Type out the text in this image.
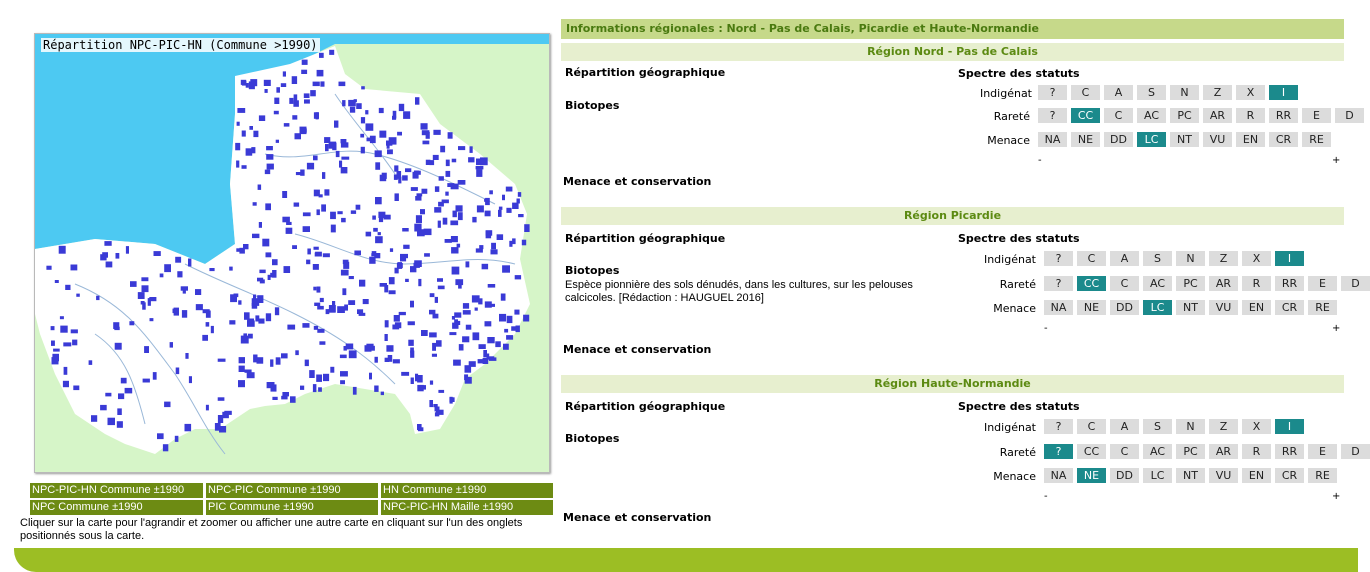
Répartition NPC-PIC-HN (Commune >1990)
NPC-PIC-HN Commune ±1990	NPC-PIC Commune ±1990	HN Commune ±1990
NPC Commune ±1990	PIC Commune ±1990	NPC-PIC-HN Maille ±1990
Cliquer sur la carte pour l'agrandir et zoomer ou afficher une autre carte en cliquant sur l'un des onglets positionnés sous la carte.
Informations régionales : Nord - Pas de Calais, Picardie et Haute-Normandie
Région Nord - Pas de Calais
Répartition géographique
Biotopes
Menace et conservation
Spectre des statuts
Indigénat	?	C	A	S	N	Z	X	I
Rareté	?	CC	C	AC	PC	AR	R	RR	E	D
Menace	NA	NE	DD	LC	NT	VU	EN	CR	RE
-	+
Région Picardie
Répartition géographique
Biotopes
Espèce pionnière des sols dénudés, dans les cultures, sur les pelouses calcicoles. [Rédaction : HAUGUEL 2016]
Menace et conservation
Spectre des statuts
Indigénat	?	C	A	S	N	Z	X	I
Rareté	?	CC	C	AC	PC	AR	R	RR	E	D
Menace	NA	NE	DD	LC	NT	VU	EN	CR	RE
-	+
Région Haute-Normandie
Répartition géographique
Biotopes
Menace et conservation
Spectre des statuts
Indigénat	?	C	A	S	N	Z	X	I
Rareté	?	CC	C	AC	PC	AR	R	RR	E	D
Menace	NA	NE	DD	LC	NT	VU	EN	CR	RE
-	+
